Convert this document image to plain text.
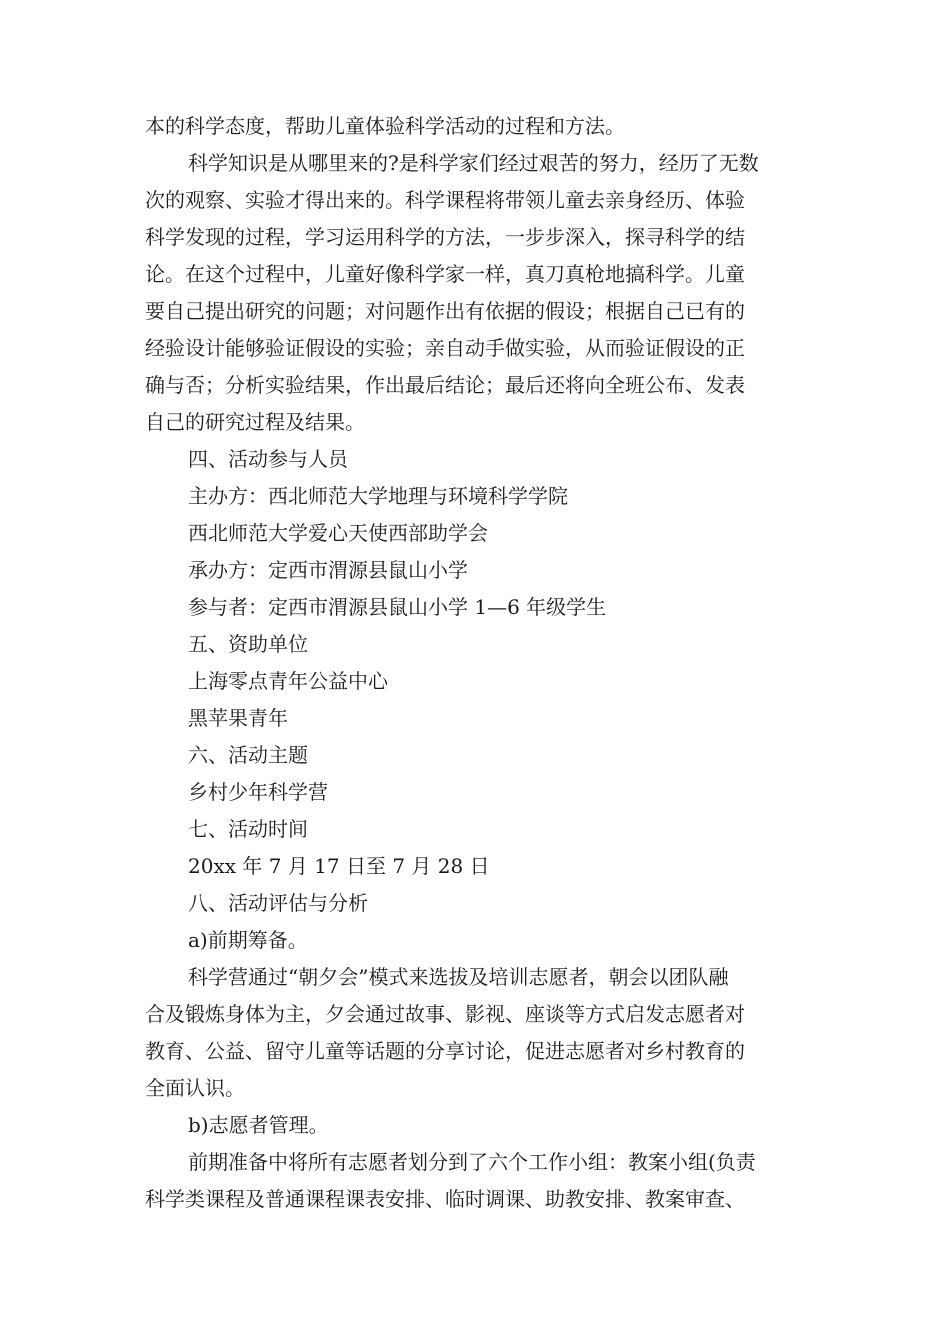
本的科学态度，帮助儿童体验科学活动的过程和方法。
科学知识是从哪里来的?是科学家们经过艰苦的努力，经历了无数
次的观察、实验才得出来的。科学课程将带领儿童去亲身经历、体验
科学发现的过程，学习运用科学的方法，一步步深入，探寻科学的结
论。在这个过程中，儿童好像科学家一样，真刀真枪地搞科学。儿童
要自己提出研究的问题；对问题作出有依据的假设；根据自己已有的
经验设计能够验证假设的实验；亲自动手做实验，从而验证假设的正
确与否；分析实验结果，作出最后结论；最后还将向全班公布、发表
自己的研究过程及结果。
四、活动参与人员
主办方：西北师范大学地理与环境科学学院
西北师范大学爱心天使西部助学会
承办方：定西市渭源县鼠山小学
参与者：定西市渭源县鼠山小学 1—6 年级学生
五、资助单位
上海零点青年公益中心
黑苹果青年
六、活动主题
乡村少年科学营
七、活动时间
20xx 年 7 月 17 日至 7 月 28 日
八、活动评估与分析
a)前期筹备。
科学营通过“朝夕会”模式来选拔及培训志愿者，朝会以团队融
合及锻炼身体为主，夕会通过故事、影视、座谈等方式启发志愿者对
教育、公益、留守儿童等话题的分享讨论，促进志愿者对乡村教育的
全面认识。
b)志愿者管理。
前期准备中将所有志愿者划分到了六个工作小组：教案小组(负责
科学类课程及普通课程课表安排、临时调课、助教安排、教案审查、
